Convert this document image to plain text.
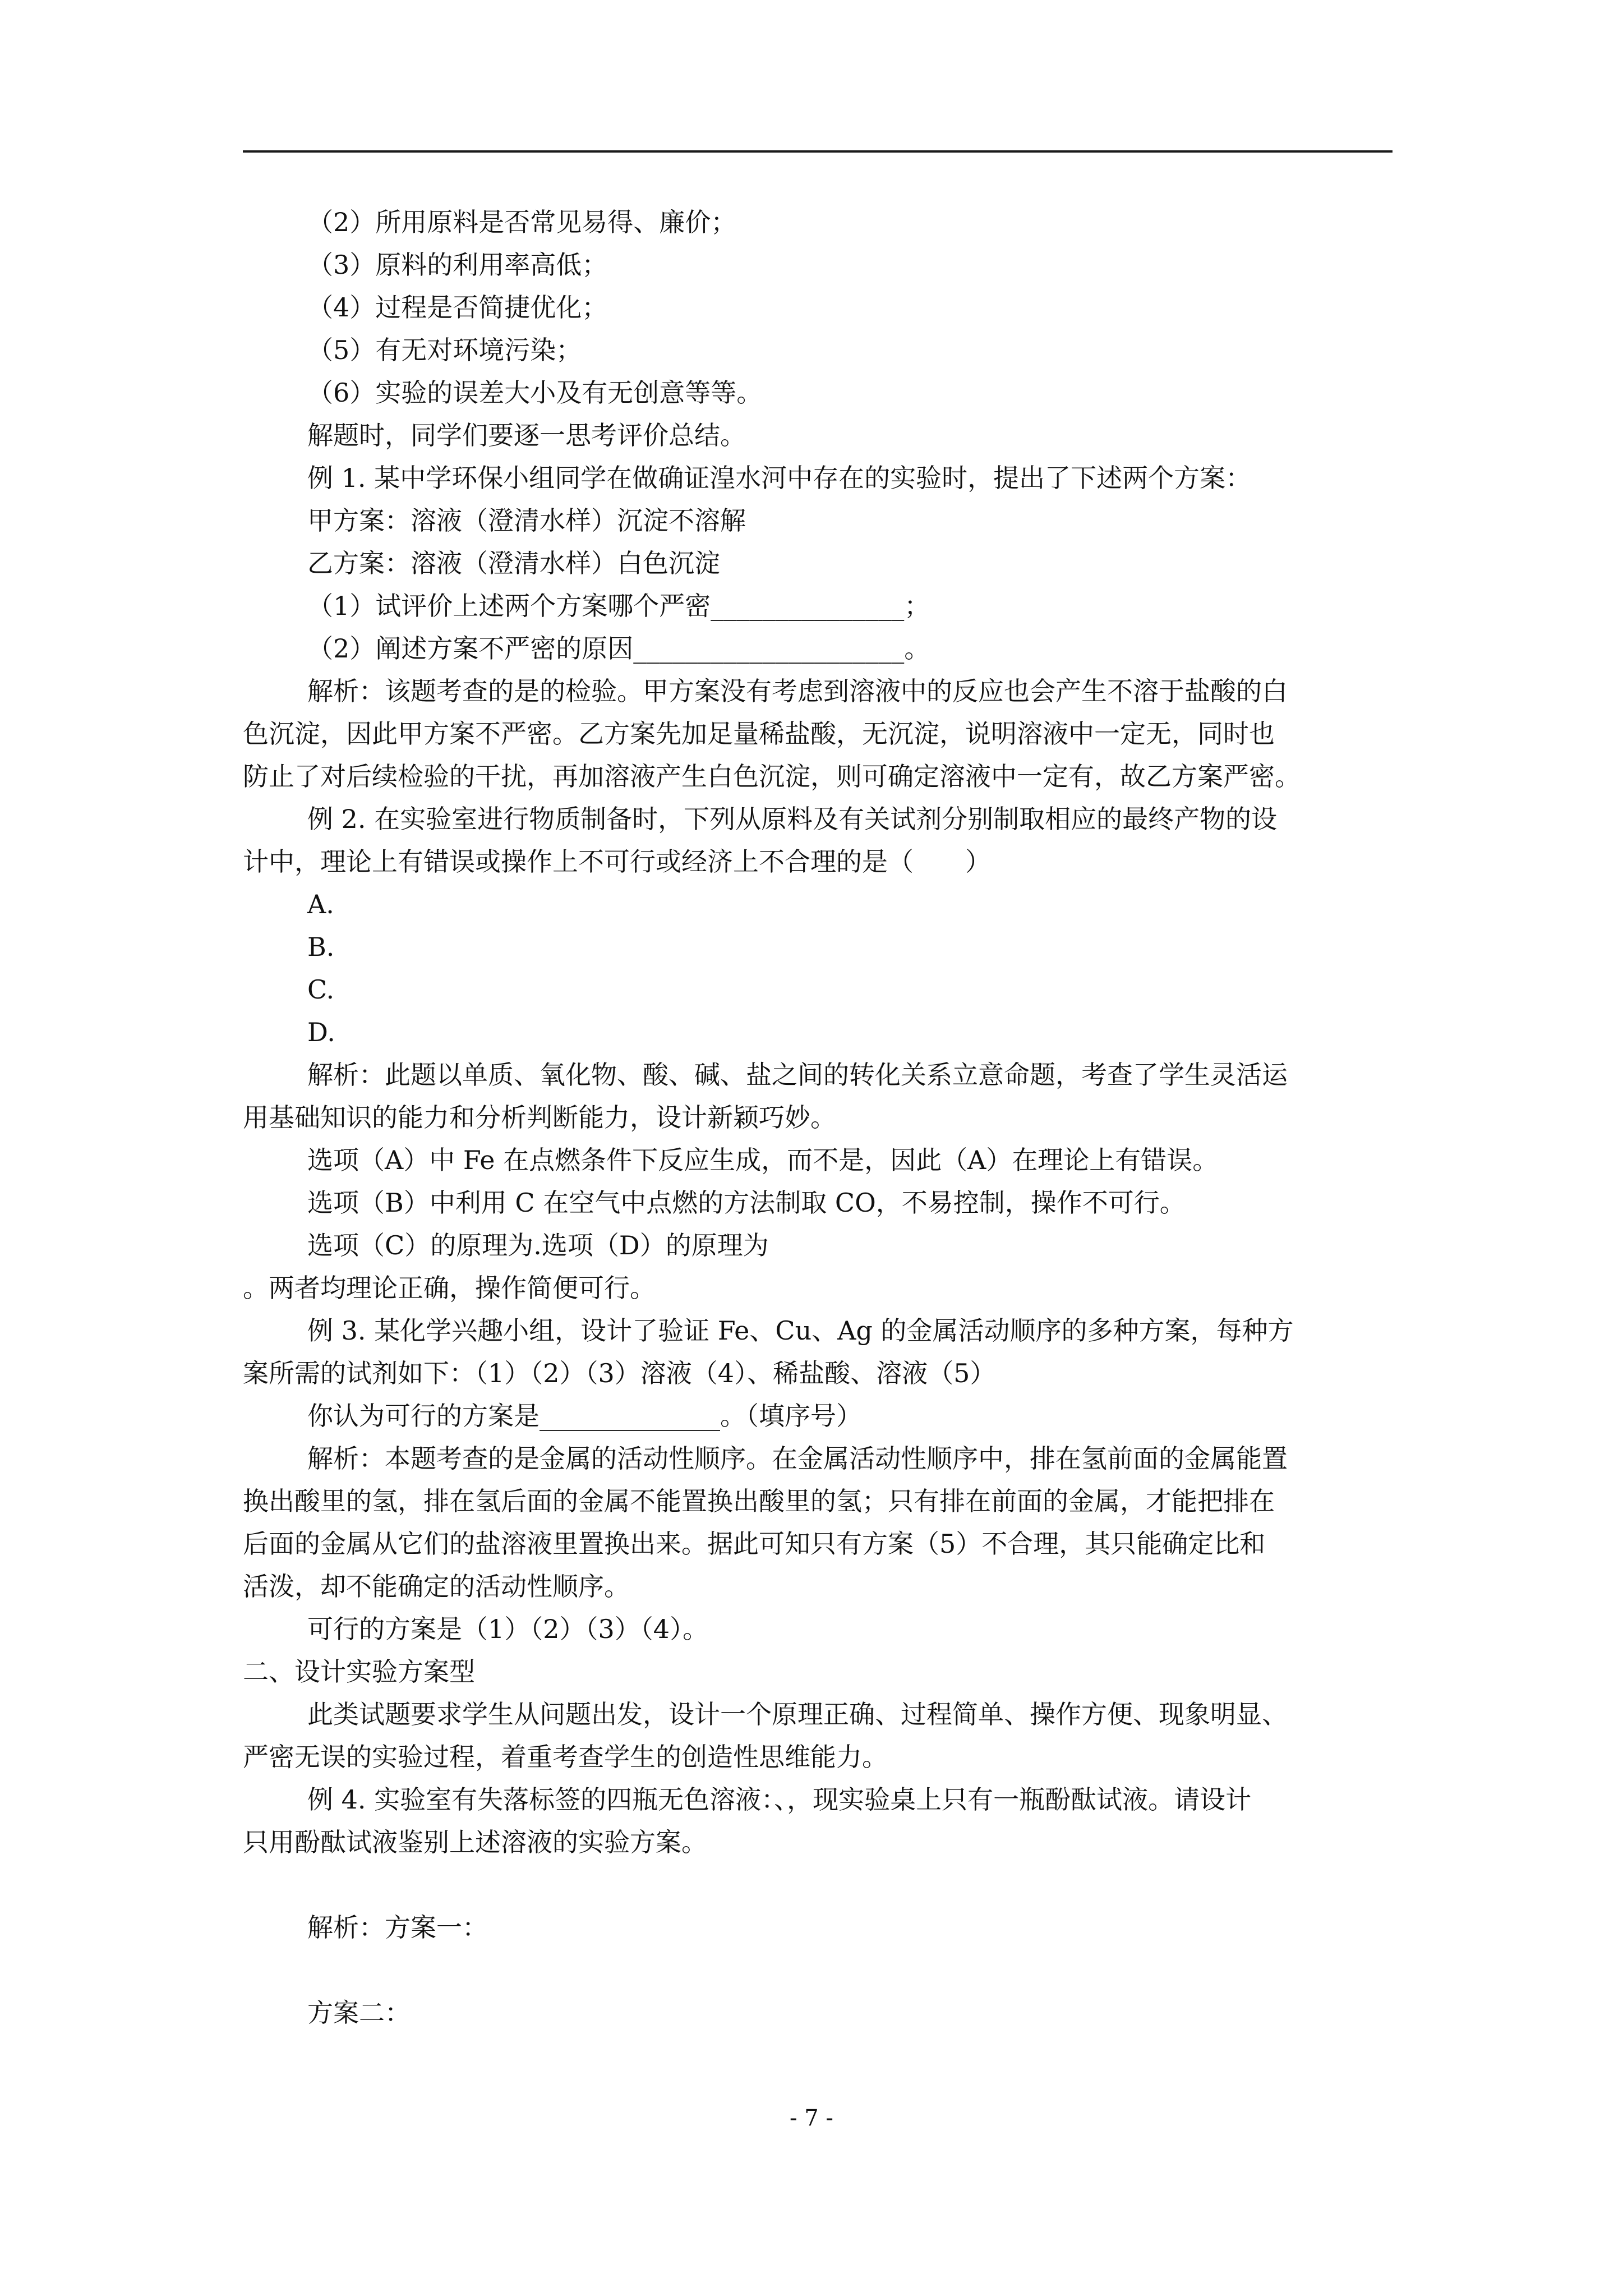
（2）所用原料是否常见易得、廉价；

（3）原料的利用率高低；

（4）过程是否简捷优化；

（5）有无对环境污染；

（6）实验的误差大小及有无创意等等。

解题时，同学们要逐一思考评价总结。

例 1. 某中学环保小组同学在做确证湟水河中存在的实验时，提出了下述两个方案：

甲方案：溶液（澄清水样）沉淀不溶解

乙方案：溶液（澄清水样）白色沉淀

（1）试评价上述两个方案哪个严密_______________；

（2）阐述方案不严密的原因_____________________。

解析：该题考查的是的检验。甲方案没有考虑到溶液中的反应也会产生不溶于盐酸的白

色沉淀，因此甲方案不严密。乙方案先加足量稀盐酸，无沉淀，说明溶液中一定无，同时也

防止了对后续检验的干扰，再加溶液产生白色沉淀，则可确定溶液中一定有，故乙方案严密。

例 2. 在实验室进行物质制备时，下列从原料及有关试剂分别制取相应的最终产物的设

计中，理论上有错误或操作上不可行或经济上不合理的是（　　）

A.

B.

C.

D.

解析：此题以单质、氧化物、酸、碱、盐之间的转化关系立意命题，考查了学生灵活运

用基础知识的能力和分析判断能力，设计新颖巧妙。

选项（A）中 Fe 在点燃条件下反应生成，而不是，因此（A）在理论上有错误。

选项（B）中利用 C 在空气中点燃的方法制取 CO，不易控制，操作不可行。

选项（C）的原理为.选项（D）的原理为

。两者均理论正确，操作简便可行。

例 3. 某化学兴趣小组，设计了验证 Fe、Cu、Ag 的金属活动顺序的多种方案，每种方

案所需的试剂如下：（1）（2）（3）溶液（4）、稀盐酸、溶液（5）

你认为可行的方案是______________。（填序号）

解析：本题考查的是金属的活动性顺序。在金属活动性顺序中，排在氢前面的金属能置

换出酸里的氢，排在氢后面的金属不能置换出酸里的氢；只有排在前面的金属，才能把排在

后面的金属从它们的盐溶液里置换出来。据此可知只有方案（5）不合理，其只能确定比和

活泼，却不能确定的活动性顺序。

可行的方案是（1）（2）（3）（4）。

二、设计实验方案型

此类试题要求学生从问题出发，设计一个原理正确、过程简单、操作方便、现象明显、

严密无误的实验过程，着重考查学生的创造性思维能力。

例 4. 实验室有失落标签的四瓶无色溶液：、，现实验桌上只有一瓶酚酞试液。请设计

只用酚酞试液鉴别上述溶液的实验方案。

解析：方案一：

方案二：

- 7 -
